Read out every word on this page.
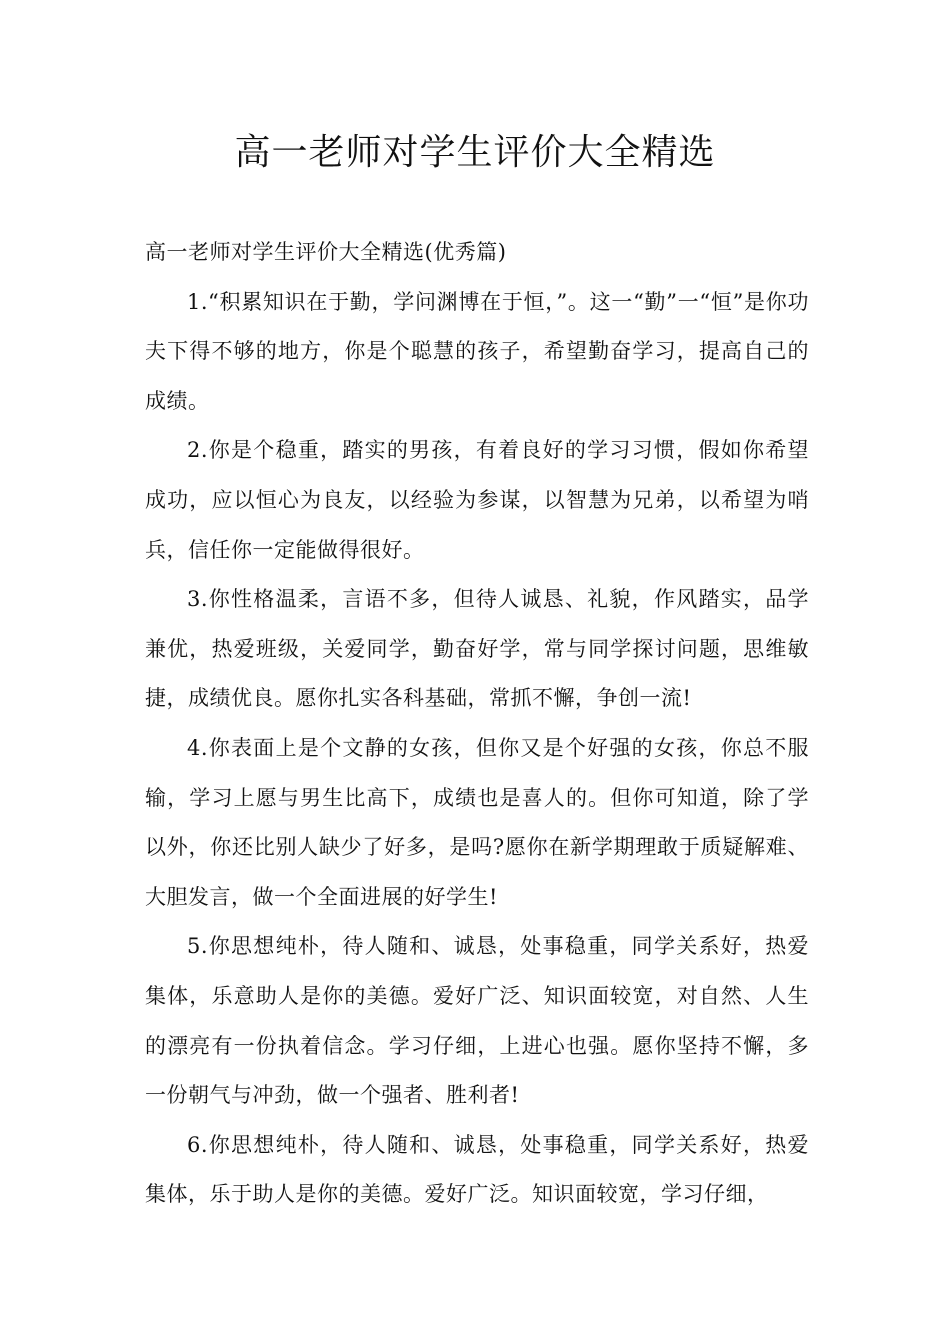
高一老师对学生评价大全精选

高一老师对学生评价大全精选(优秀篇)

1.“积累知识在于勤，学问渊博在于恒，”。这一“勤”一“恒”是你功夫下得不够的地方，你是个聪慧的孩子，希望勤奋学习，提高自己的成绩。

2.你是个稳重，踏实的男孩，有着良好的学习习惯，假如你希望成功，应以恒心为良友，以经验为参谋，以智慧为兄弟，以希望为哨兵，信任你一定能做得很好。

3.你性格温柔，言语不多，但待人诚恳、礼貌，作风踏实，品学兼优，热爱班级，关爱同学，勤奋好学，常与同学探讨问题，思维敏捷，成绩优良。愿你扎实各科基础，常抓不懈，争创一流!

4.你表面上是个文静的女孩，但你又是个好强的女孩，你总不服输，学习上愿与男生比高下，成绩也是喜人的。但你可知道，除了学以外，你还比别人缺少了好多，是吗?愿你在新学期理敢于质疑解难、大胆发言，做一个全面进展的好学生!

5.你思想纯朴，待人随和、诚恳，处事稳重，同学关系好，热爱集体，乐意助人是你的美德。爱好广泛、知识面较宽，对自然、人生的漂亮有一份执着信念。学习仔细，上进心也强。愿你坚持不懈，多一份朝气与冲劲，做一个强者、胜利者!

6.你思想纯朴，待人随和、诚恳，处事稳重，同学关系好，热爱集体，乐于助人是你的美德。爱好广泛。知识面较宽，学习仔细，
